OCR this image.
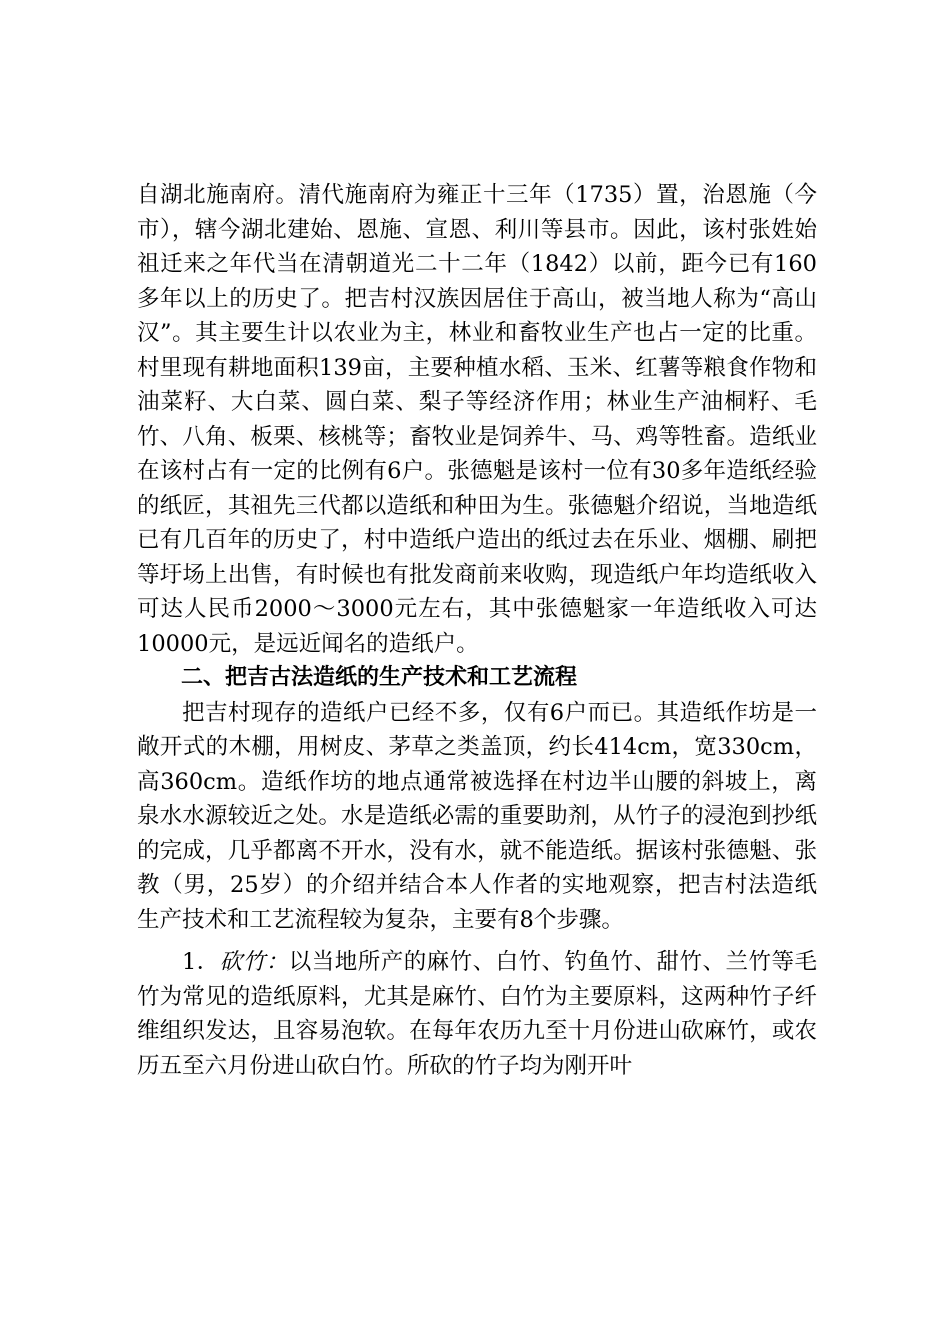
自湖北施南府。清代施南府为雍正十三年（1735）置，治恩施（今市），辖今湖北建始、恩施、宣恩、利川等县市。因此，该村张姓始祖迁来之年代当在清朝道光二十二年（1842）以前，距今已有160多年以上的历史了。把吉村汉族因居住于高山，被当地人称为“高山汉”。其主要生计以农业为主，林业和畜牧业生产也占一定的比重。村里现有耕地面积139亩，主要种植水稻、玉米、红薯等粮食作物和油菜籽、大白菜、圆白菜、梨子等经济作用；林业生产油桐籽、毛竹、八角、板栗、核桃等；畜牧业是饲养牛、马、鸡等牲畜。造纸业在该村占有一定的比例有6户。张德魁是该村一位有30多年造纸经验的纸匠，其祖先三代都以造纸和种田为生。张德魁介绍说，当地造纸已有几百年的历史了，村中造纸户造出的纸过去在乐业、烟棚、刷把等圩场上出售，有时候也有批发商前来收购，现造纸户年均造纸收入可达人民币2000～3000元左右，其中张德魁家一年造纸收入可达10000元，是远近闻名的造纸户。

二、把吉古法造纸的生产技术和工艺流程

把吉村现存的造纸户已经不多，仅有6户而已。其造纸作坊是一敞开式的木棚，用树皮、茅草之类盖顶，约长414cm，宽330cm，高360cm。造纸作坊的地点通常被选择在村边半山腰的斜坡上，离泉水水源较近之处。水是造纸必需的重要助剂，从竹子的浸泡到抄纸的完成，几乎都离不开水，没有水，就不能造纸。据该村张德魁、张教（男，25岁）的介绍并结合本人作者的实地观察，把吉村法造纸生产技术和工艺流程较为复杂，主要有8个步骤。

1．砍竹：以当地所产的麻竹、白竹、钓鱼竹、甜竹、兰竹等毛竹为常见的造纸原料，尤其是麻竹、白竹为主要原料，这两种竹子纤维组织发达，且容易泡软。在每年农历九至十月份进山砍麻竹，或农历五至六月份进山砍白竹。所砍的竹子均为刚开叶
